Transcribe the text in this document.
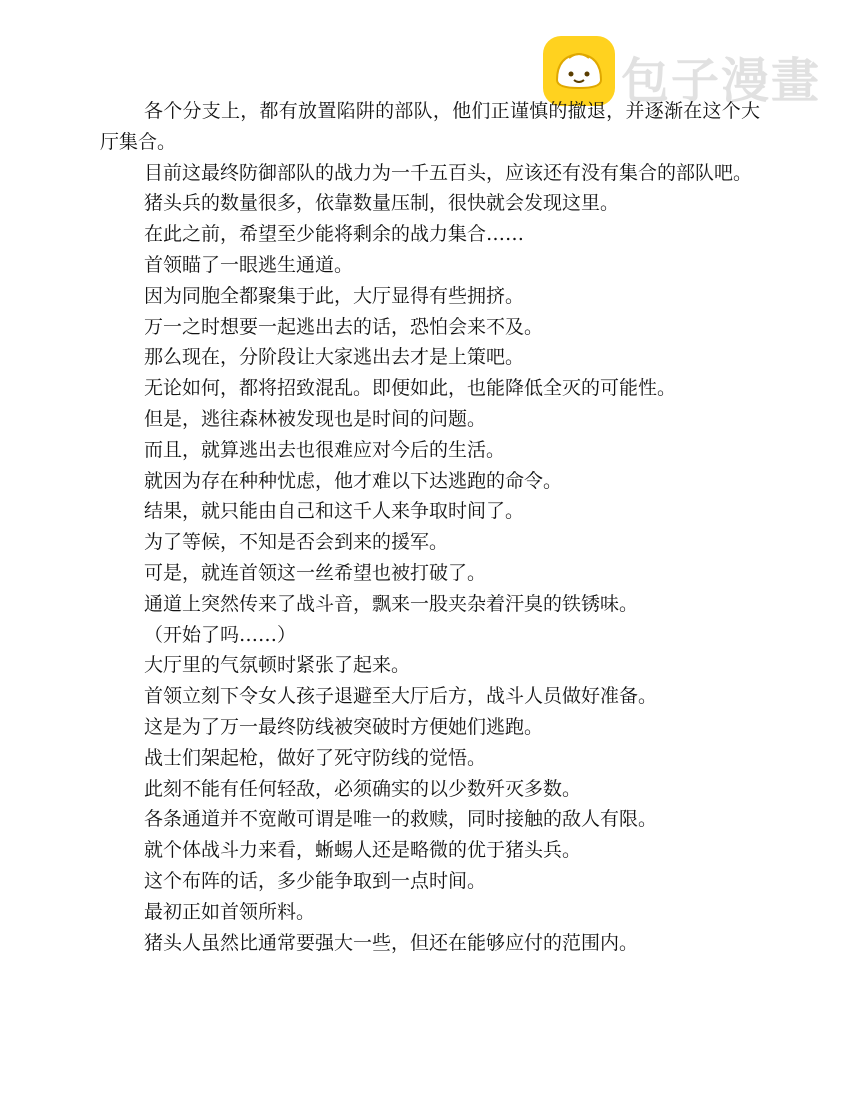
包子漫畫

各个分支上，都有放置陷阱的部队，他们正谨慎的撤退，并逐渐在这个大厅集合。

目前这最终防御部队的战力为一千五百头，应该还有没有集合的部队吧。

猪头兵的数量很多，依靠数量压制，很快就会发现这里。

在此之前，希望至少能将剩余的战力集合……

首领瞄了一眼逃生通道。

因为同胞全都聚集于此，大厅显得有些拥挤。

万一之时想要一起逃出去的话，恐怕会来不及。

那么现在，分阶段让大家逃出去才是上策吧。

无论如何，都将招致混乱。即便如此，也能降低全灭的可能性。

但是，逃往森林被发现也是时间的问题。

而且，就算逃出去也很难应对今后的生活。

就因为存在种种忧虑，他才难以下达逃跑的命令。

结果，就只能由自己和这千人来争取时间了。

为了等候，不知是否会到来的援军。

可是，就连首领这一丝希望也被打破了。

通道上突然传来了战斗音，飘来一股夹杂着汗臭的铁锈味。

（开始了吗……）

大厅里的气氛顿时紧张了起来。

首领立刻下令女人孩子退避至大厅后方，战斗人员做好准备。

这是为了万一最终防线被突破时方便她们逃跑。

战士们架起枪，做好了死守防线的觉悟。

此刻不能有任何轻敌，必须确实的以少数歼灭多数。

各条通道并不宽敞可谓是唯一的救赎，同时接触的敌人有限。

就个体战斗力来看，蜥蜴人还是略微的优于猪头兵。

这个布阵的话，多少能争取到一点时间。

最初正如首领所料。

猪头人虽然比通常要强大一些，但还在能够应付的范围内。
